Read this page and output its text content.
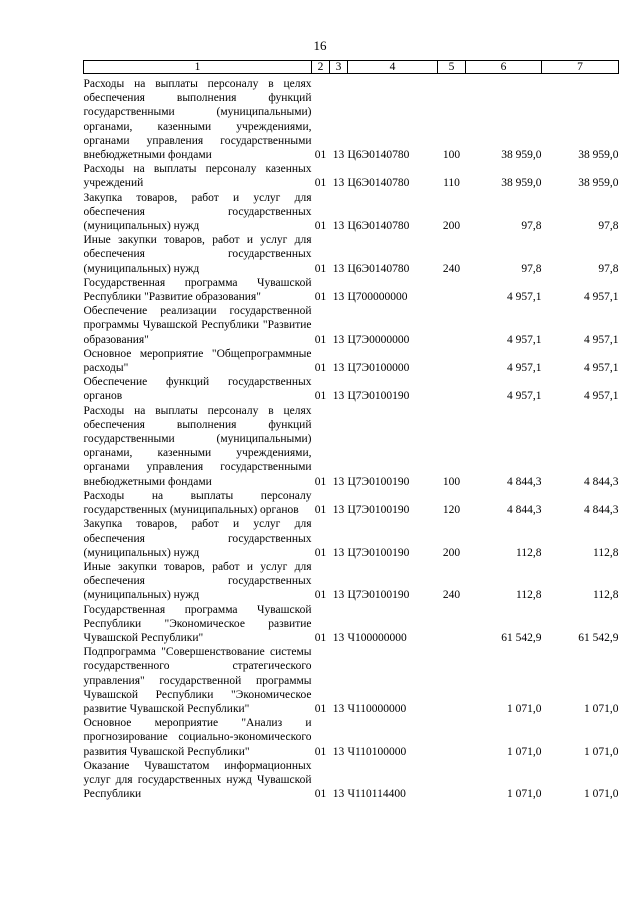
16
1	2	3	4	5	6	7

Расходы на выплаты персоналу в целях обеспечения выполнения функций государственными (муниципальными) органами, казенными учреждениями, органами управления государственными внебюджетными фондами	01	13	Ц6Э0140780	100	38 959,0	38 959,0
Расходы на выплаты персоналу казенных учреждений	01	13	Ц6Э0140780	110	38 959,0	38 959,0
Закупка товаров, работ и услуг для обеспечения государственных (муниципальных) нужд	01	13	Ц6Э0140780	200	97,8	97,8
Иные закупки товаров, работ и услуг для обеспечения государственных (муниципальных) нужд	01	13	Ц6Э0140780	240	97,8	97,8
Государственная программа Чувашской Республики "Развитие образования"	01	13	Ц700000000		4 957,1	4 957,1
Обеспечение реализации государственной программы Чувашской Республики "Развитие образования"	01	13	Ц7Э0000000		4 957,1	4 957,1
Основное мероприятие "Общепрограммные расходы"	01	13	Ц7Э0100000		4 957,1	4 957,1
Обеспечение функций государственных органов	01	13	Ц7Э0100190		4 957,1	4 957,1
Расходы на выплаты персоналу в целях обеспечения выполнения функций государственными (муниципальными) органами, казенными учреждениями, органами управления государственными внебюджетными фондами	01	13	Ц7Э0100190	100	4 844,3	4 844,3
Расходы на выплаты персоналу государственных (муниципальных) органов	01	13	Ц7Э0100190	120	4 844,3	4 844,3
Закупка товаров, работ и услуг для обеспечения государственных (муниципальных) нужд	01	13	Ц7Э0100190	200	112,8	112,8
Иные закупки товаров, работ и услуг для обеспечения государственных (муниципальных) нужд	01	13	Ц7Э0100190	240	112,8	112,8
Государственная программа Чувашской Республики "Экономическое развитие Чувашской Республики"	01	13	Ч100000000		61 542,9	61 542,9
Подпрограмма "Совершенствование системы государственного стратегического управления" государственной программы Чувашской Республики "Экономическое развитие Чувашской Республики"	01	13	Ч110000000		1 071,0	1 071,0
Основное мероприятие "Анализ и прогнозирование социально-экономического развития Чувашской Республики"	01	13	Ч110100000		1 071,0	1 071,0
Оказание Чувашстатом информационных услуг для государственных нужд Чувашской Республики	01	13	Ч110114400		1 071,0	1 071,0
